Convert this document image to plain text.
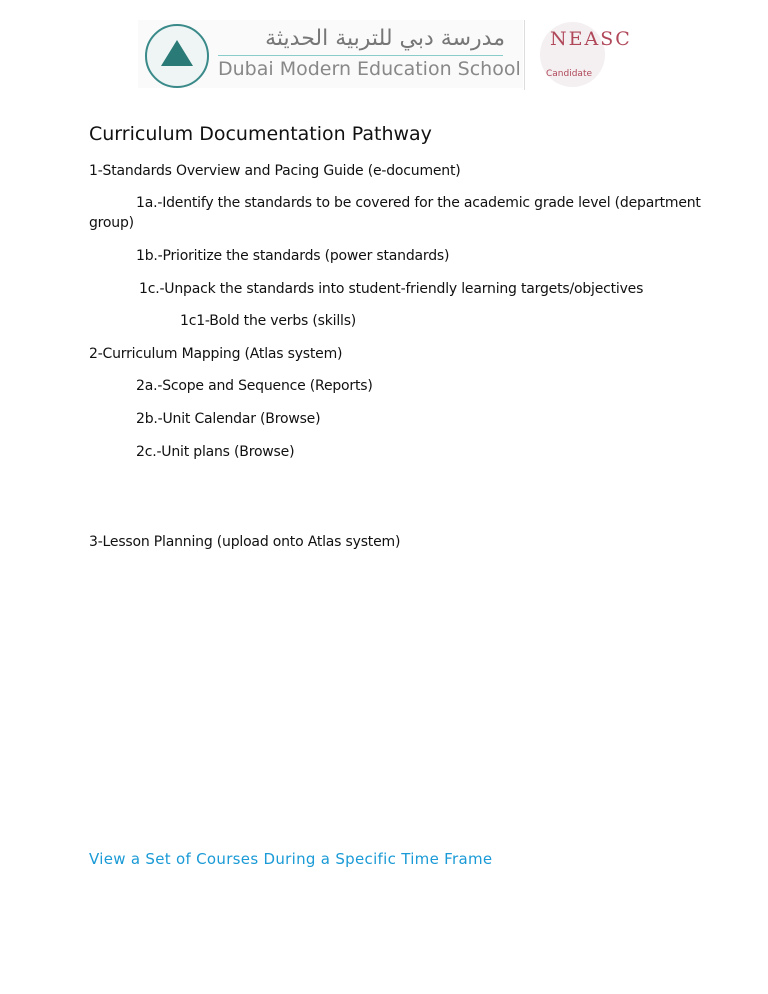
مدرسة دبي للتربية الحديثة
Dubai Modern Education School
NEASC
Candidate
Curriculum Documentation Pathway
1-Standards Overview and Pacing Guide (e-document)
1a.-Identify the standards to be covered for the academic grade level (department
group)
1b.-Prioritize the standards (power standards)
1c.-Unpack the standards into student-friendly learning targets/objectives
1c1-Bold the verbs (skills)
2-Curriculum Mapping (Atlas system)
2a.-Scope and Sequence (Reports)
2b.-Unit Calendar (Browse)
2c.-Unit plans (Browse)
3-Lesson Planning (upload onto Atlas system)
View a Set of Courses During a Specific Time Frame
